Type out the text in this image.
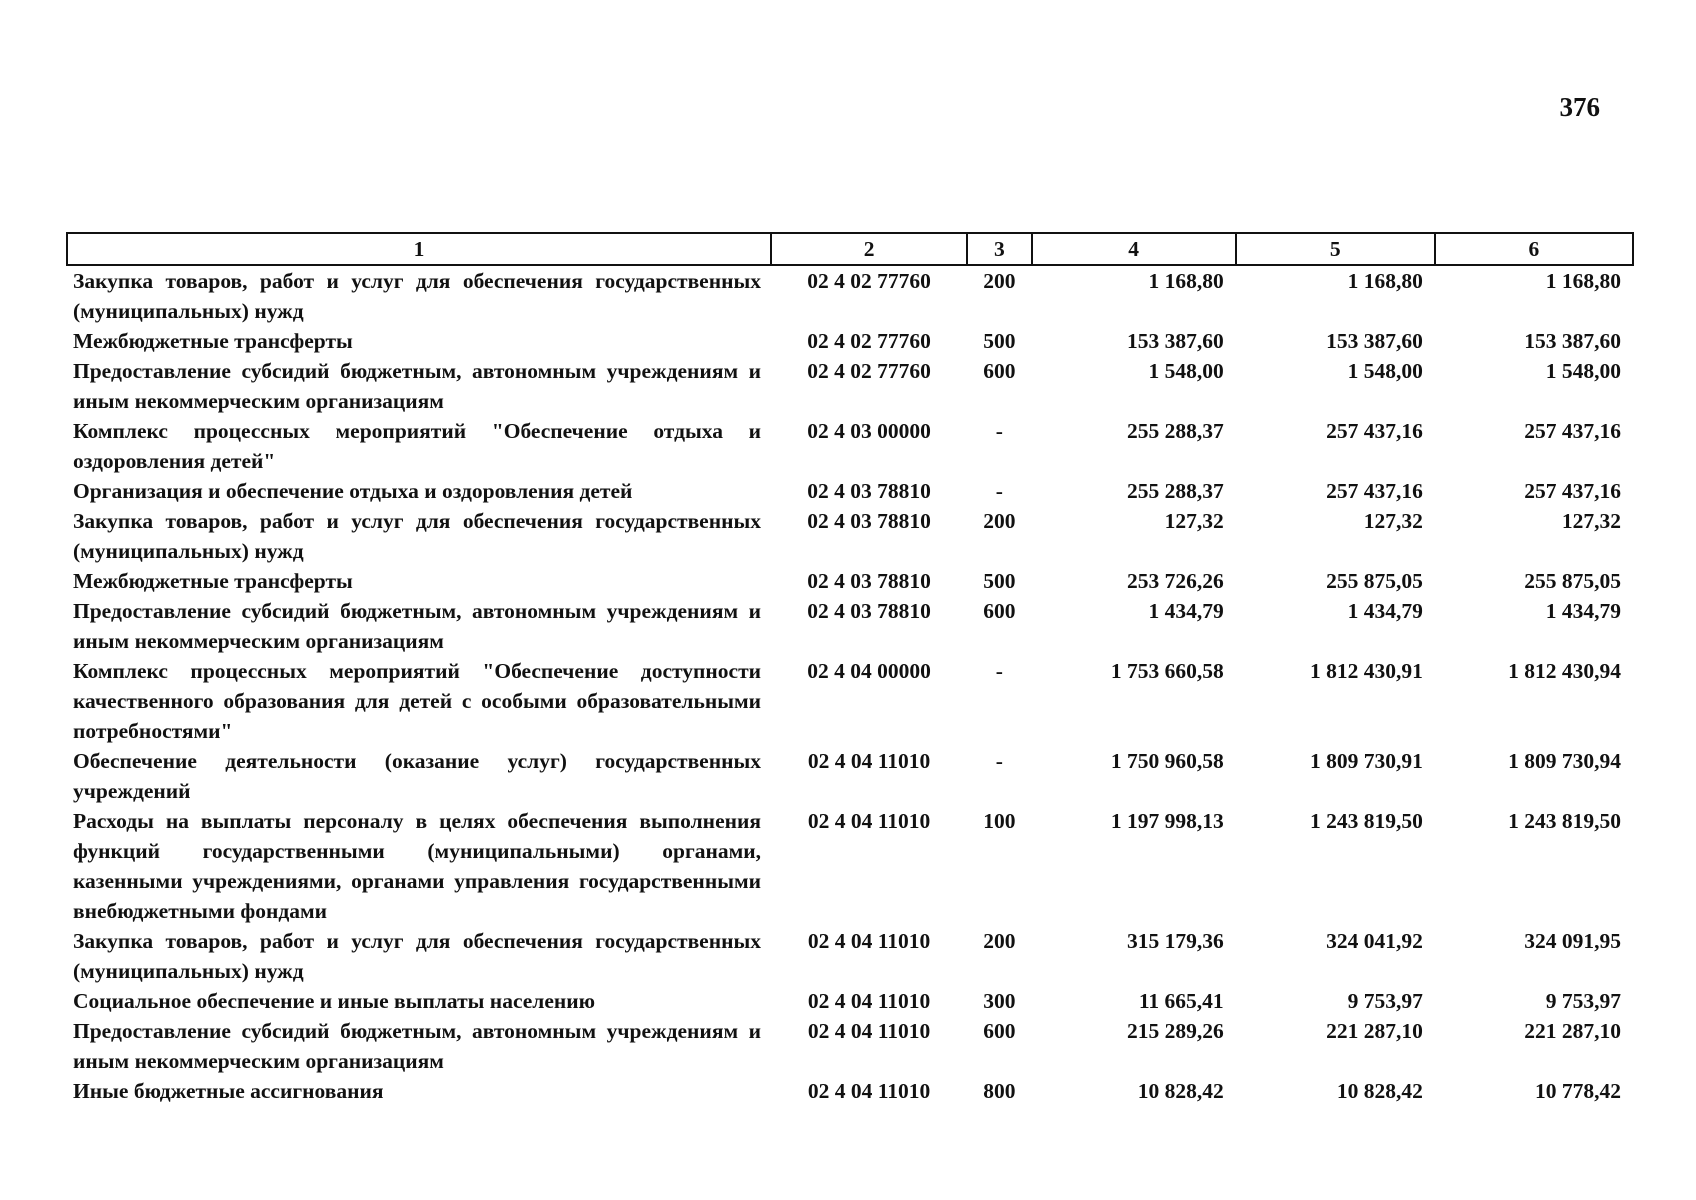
376
1	2	3	4	5	6
Закупка товаров, работ и услуг для обеспечения государственных (муниципальных) нужд	02 4 02 77760	200	1 168,80	1 168,80	1 168,80
Межбюджетные трансферты	02 4 02 77760	500	153 387,60	153 387,60	153 387,60
Предоставление субсидий бюджетным, автономным учреждениям и иным некоммерческим организациям	02 4 02 77760	600	1 548,00	1 548,00	1 548,00
Комплекс процессных мероприятий "Обеспечение отдыха и оздоровления детей"	02 4 03 00000	-	255 288,37	257 437,16	257 437,16
Организация и обеспечение отдыха и оздоровления детей	02 4 03 78810	-	255 288,37	257 437,16	257 437,16
Закупка товаров, работ и услуг для обеспечения государственных (муниципальных) нужд	02 4 03 78810	200	127,32	127,32	127,32
Межбюджетные трансферты	02 4 03 78810	500	253 726,26	255 875,05	255 875,05
Предоставление субсидий бюджетным, автономным учреждениям и иным некоммерческим организациям	02 4 03 78810	600	1 434,79	1 434,79	1 434,79
Комплекс процессных мероприятий "Обеспечение доступности качественного образования для детей с особыми образовательными потребностями"	02 4 04 00000	-	1 753 660,58	1 812 430,91	1 812 430,94
Обеспечение деятельности (оказание услуг) государственных учреждений	02 4 04 11010	-	1 750 960,58	1 809 730,91	1 809 730,94
Расходы на выплаты персоналу в целях обеспечения выполнения функций государственными (муниципальными) органами, казенными учреждениями, органами управления государственными внебюджетными фондами	02 4 04 11010	100	1 197 998,13	1 243 819,50	1 243 819,50
Закупка товаров, работ и услуг для обеспечения государственных (муниципальных) нужд	02 4 04 11010	200	315 179,36	324 041,92	324 091,95
Социальное обеспечение и иные выплаты населению	02 4 04 11010	300	11 665,41	9 753,97	9 753,97
Предоставление субсидий бюджетным, автономным учреждениям и иным некоммерческим организациям	02 4 04 11010	600	215 289,26	221 287,10	221 287,10
Иные бюджетные ассигнования	02 4 04 11010	800	10 828,42	10 828,42	10 778,42
